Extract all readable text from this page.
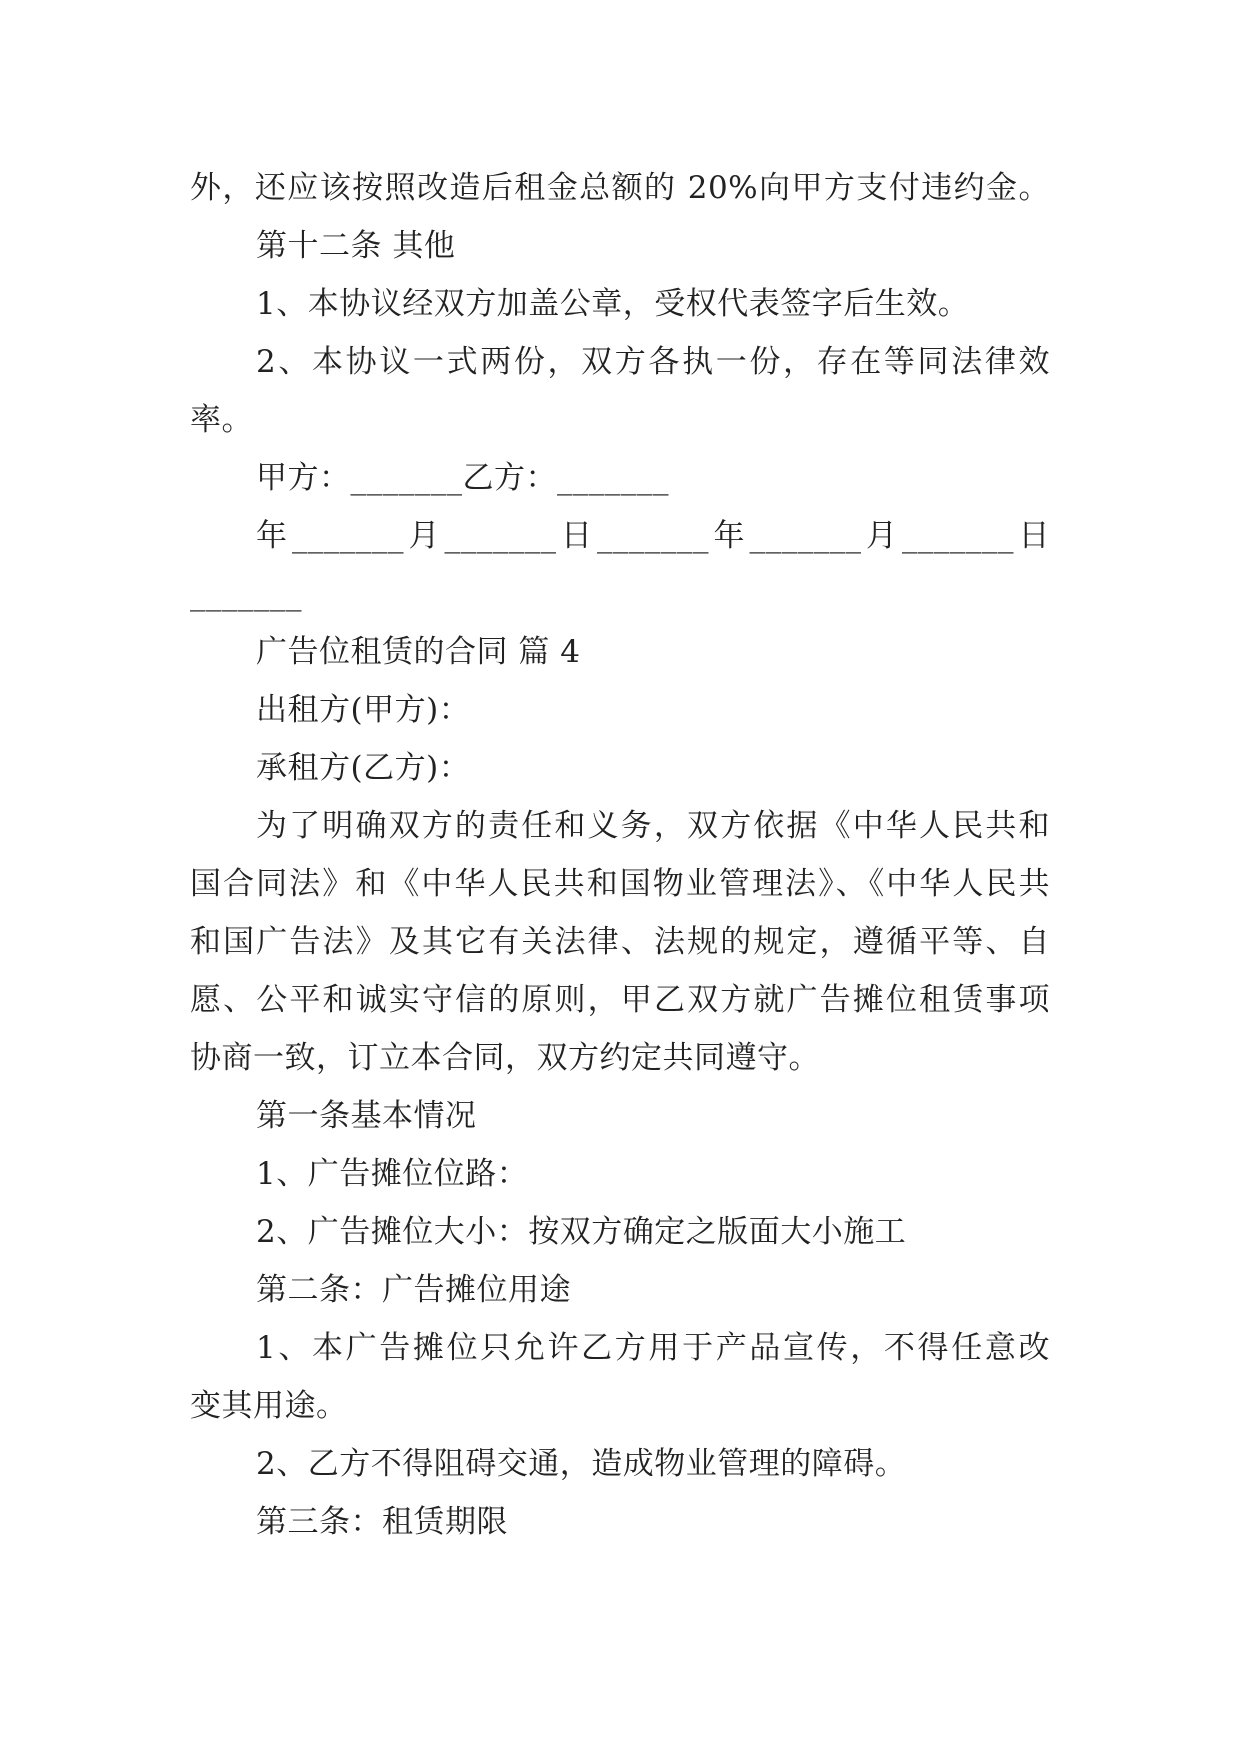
外，还应该按照改造后租金总额的 20%向甲方支付违约金。
第十二条 其他
1、本协议经双方加盖公章，受权代表签字后生效。
2、本协议一式两份，双方各执一份，存在等同法律效
率。
甲方：_______乙方：_______
年_______月_______日_______年_______月_______日
_______
广告位租赁的合同 篇 4
出租方(甲方)：
承租方(乙方)：
为了明确双方的责任和义务，双方依据《中华人民共和
国合同法》和《中华人民共和国物业管理法》、《中华人民共
和国广告法》及其它有关法律、法规的规定，遵循平等、自
愿、公平和诚实守信的原则，甲乙双方就广告摊位租赁事项
协商一致，订立本合同，双方约定共同遵守。
第一条基本情况
1、广告摊位位路：
2、广告摊位大小：按双方确定之版面大小施工
第二条：广告摊位用途
1、本广告摊位只允许乙方用于产品宣传，不得任意改
变其用途。
2、乙方不得阻碍交通，造成物业管理的障碍。
第三条：租赁期限
